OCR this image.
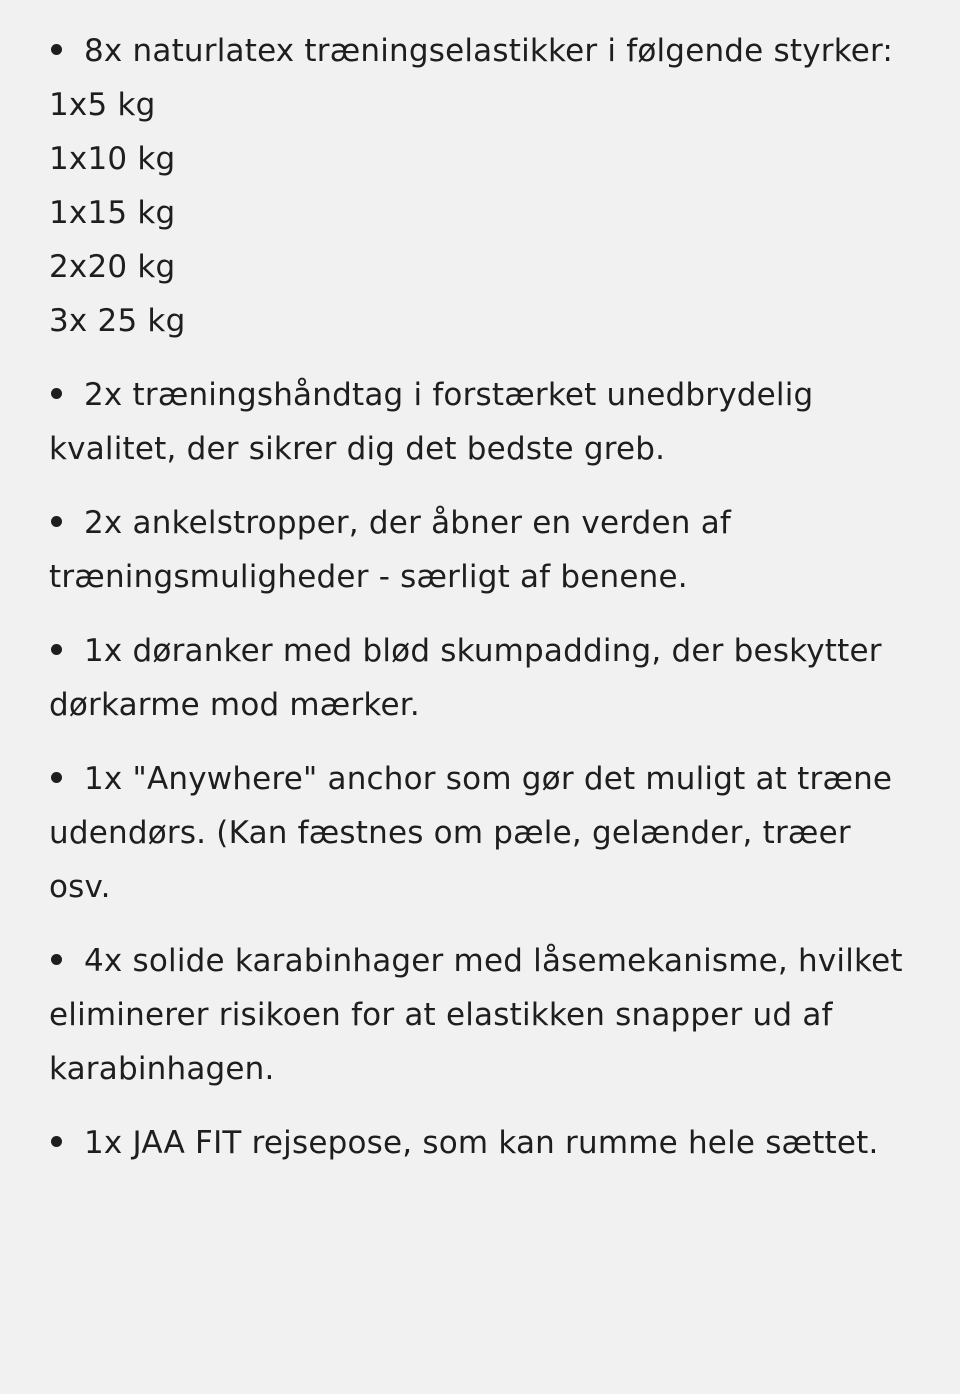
8x naturlatex træningselastikker i følgende styrker:
1x5 kg
1x10 kg
1x15 kg
2x20 kg
3x 25 kg
2x træningshåndtag i forstærket unedbrydelig kvalitet, der sikrer dig det bedste greb.
2x ankelstropper, der åbner en verden af træningsmuligheder - særligt af benene.
1x døranker med blød skumpadding, der beskytter dørkarme mod mærker.
1x "Anywhere" anchor som gør det muligt at træne udendørs. (Kan fæstnes om pæle, gelænder, træer osv.
4x solide karabinhager med låsemekanisme, hvilket eliminerer risikoen for at elastikken snapper ud af karabinhagen.
1x JAA FIT rejsepose, som kan rumme hele sættet.
